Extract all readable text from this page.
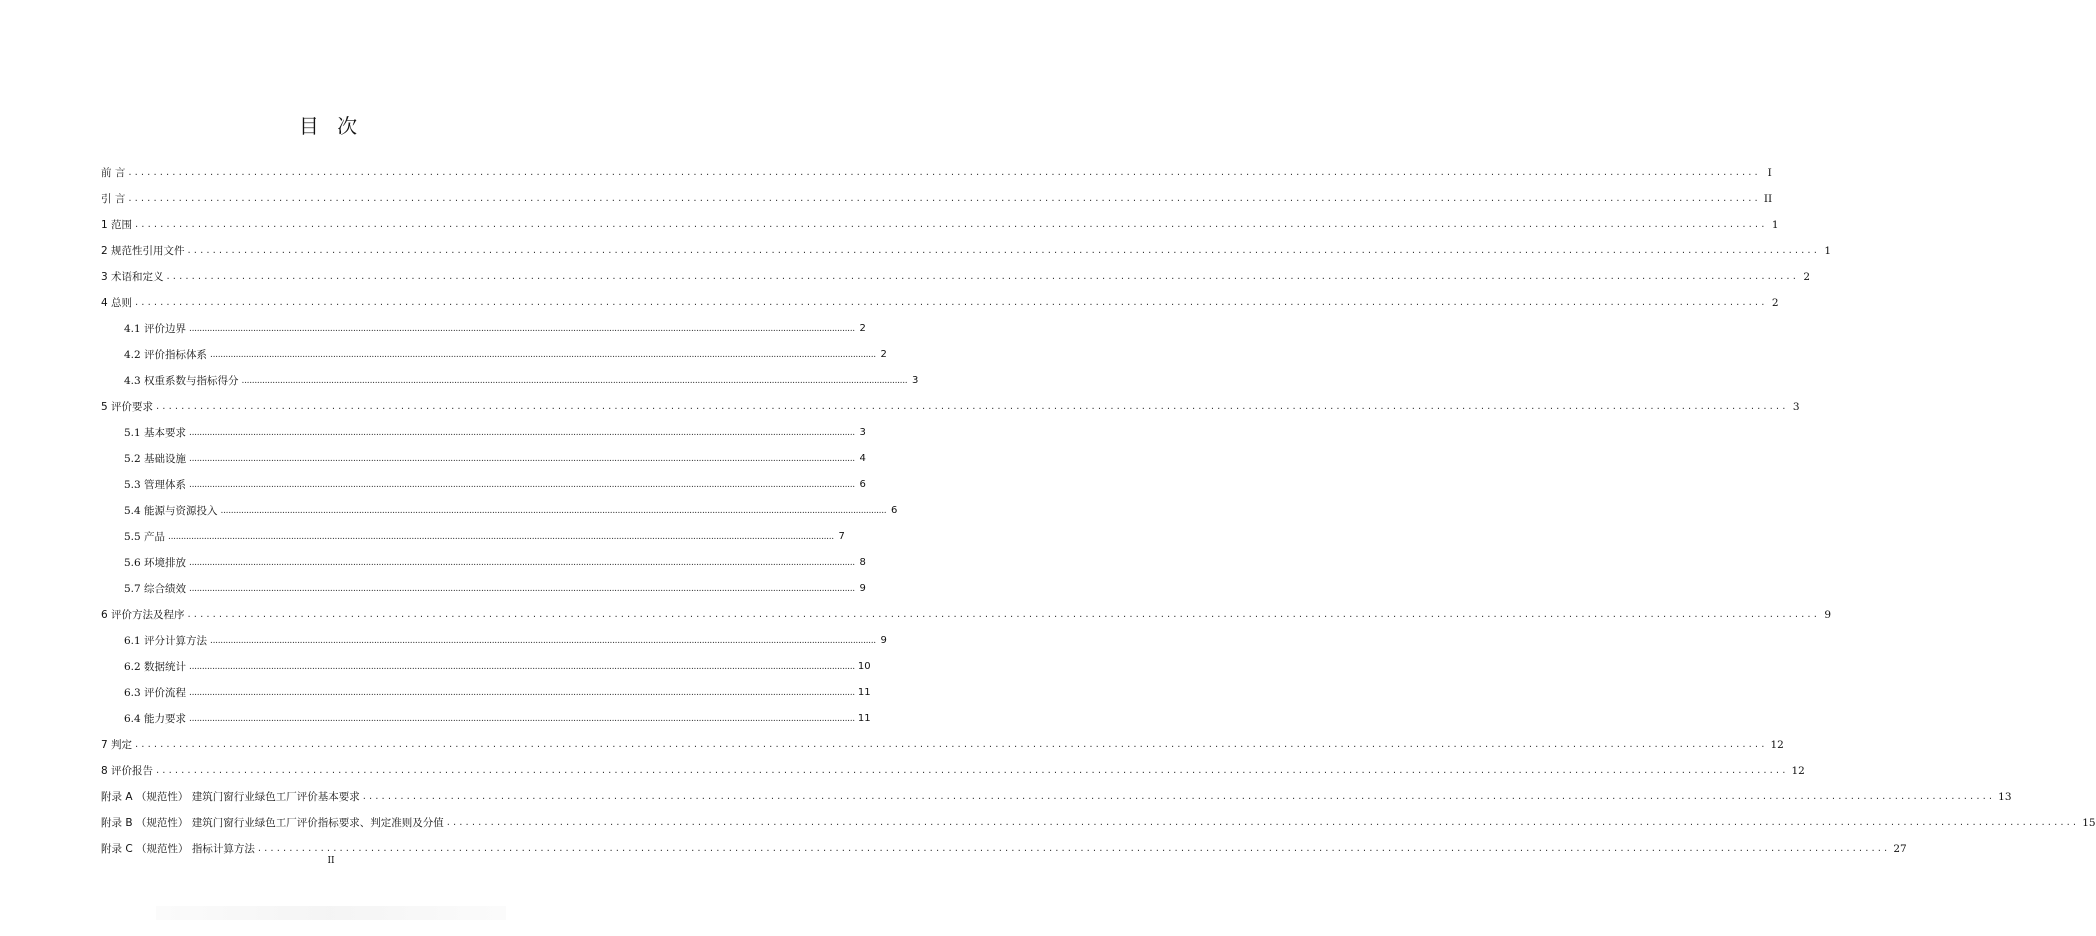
目 次
前 言 .................................................................................................................................................................................................................................................................... I
引 言 .................................................................................................................................................................................................................................................................... II
1 范围 .................................................................................................................................................................................................................................................................... 1
2 规范性引用文件 .................................................................................................................................................................................................................................................................... 1
3 术语和定义 .................................................................................................................................................................................................................................................................... 2
4 总则 .................................................................................................................................................................................................................................................................... 2
4.1 评价边界 .................................................................................................................................................................................................................................................................... 2
4.2 评价指标体系 .................................................................................................................................................................................................................................................................... 2
4.3 权重系数与指标得分 .................................................................................................................................................................................................................................................................... 3
5 评价要求 .................................................................................................................................................................................................................................................................... 3
5.1 基本要求 .................................................................................................................................................................................................................................................................... 3
5.2 基础设施 .................................................................................................................................................................................................................................................................... 4
5.3 管理体系 .................................................................................................................................................................................................................................................................... 6
5.4 能源与资源投入 .................................................................................................................................................................................................................................................................... 6
5.5 产品 .................................................................................................................................................................................................................................................................... 7
5.6 环境排放 .................................................................................................................................................................................................................................................................... 8
5.7 综合绩效 .................................................................................................................................................................................................................................................................... 9
6 评价方法及程序 .................................................................................................................................................................................................................................................................... 9
6.1 评分计算方法 .................................................................................................................................................................................................................................................................... 9
6.2 数据统计 .................................................................................................................................................................................................................................................................... 10
6.3 评价流程 .................................................................................................................................................................................................................................................................... 11
6.4 能力要求 .................................................................................................................................................................................................................................................................... 11
7 判定 .................................................................................................................................................................................................................................................................... 12
8 评价报告 .................................................................................................................................................................................................................................................................... 12
附录 A （规范性） 建筑门窗行业绿色工厂评价基本要求 .................................................................................................................................................................................................................................................................... 13
附录 B （规范性） 建筑门窗行业绿色工厂评价指标要求、判定准则及分值 .................................................................................................................................................................................................................................................................... 15
附录 C （规范性） 指标计算方法 .................................................................................................................................................................................................................................................................... 27
II
